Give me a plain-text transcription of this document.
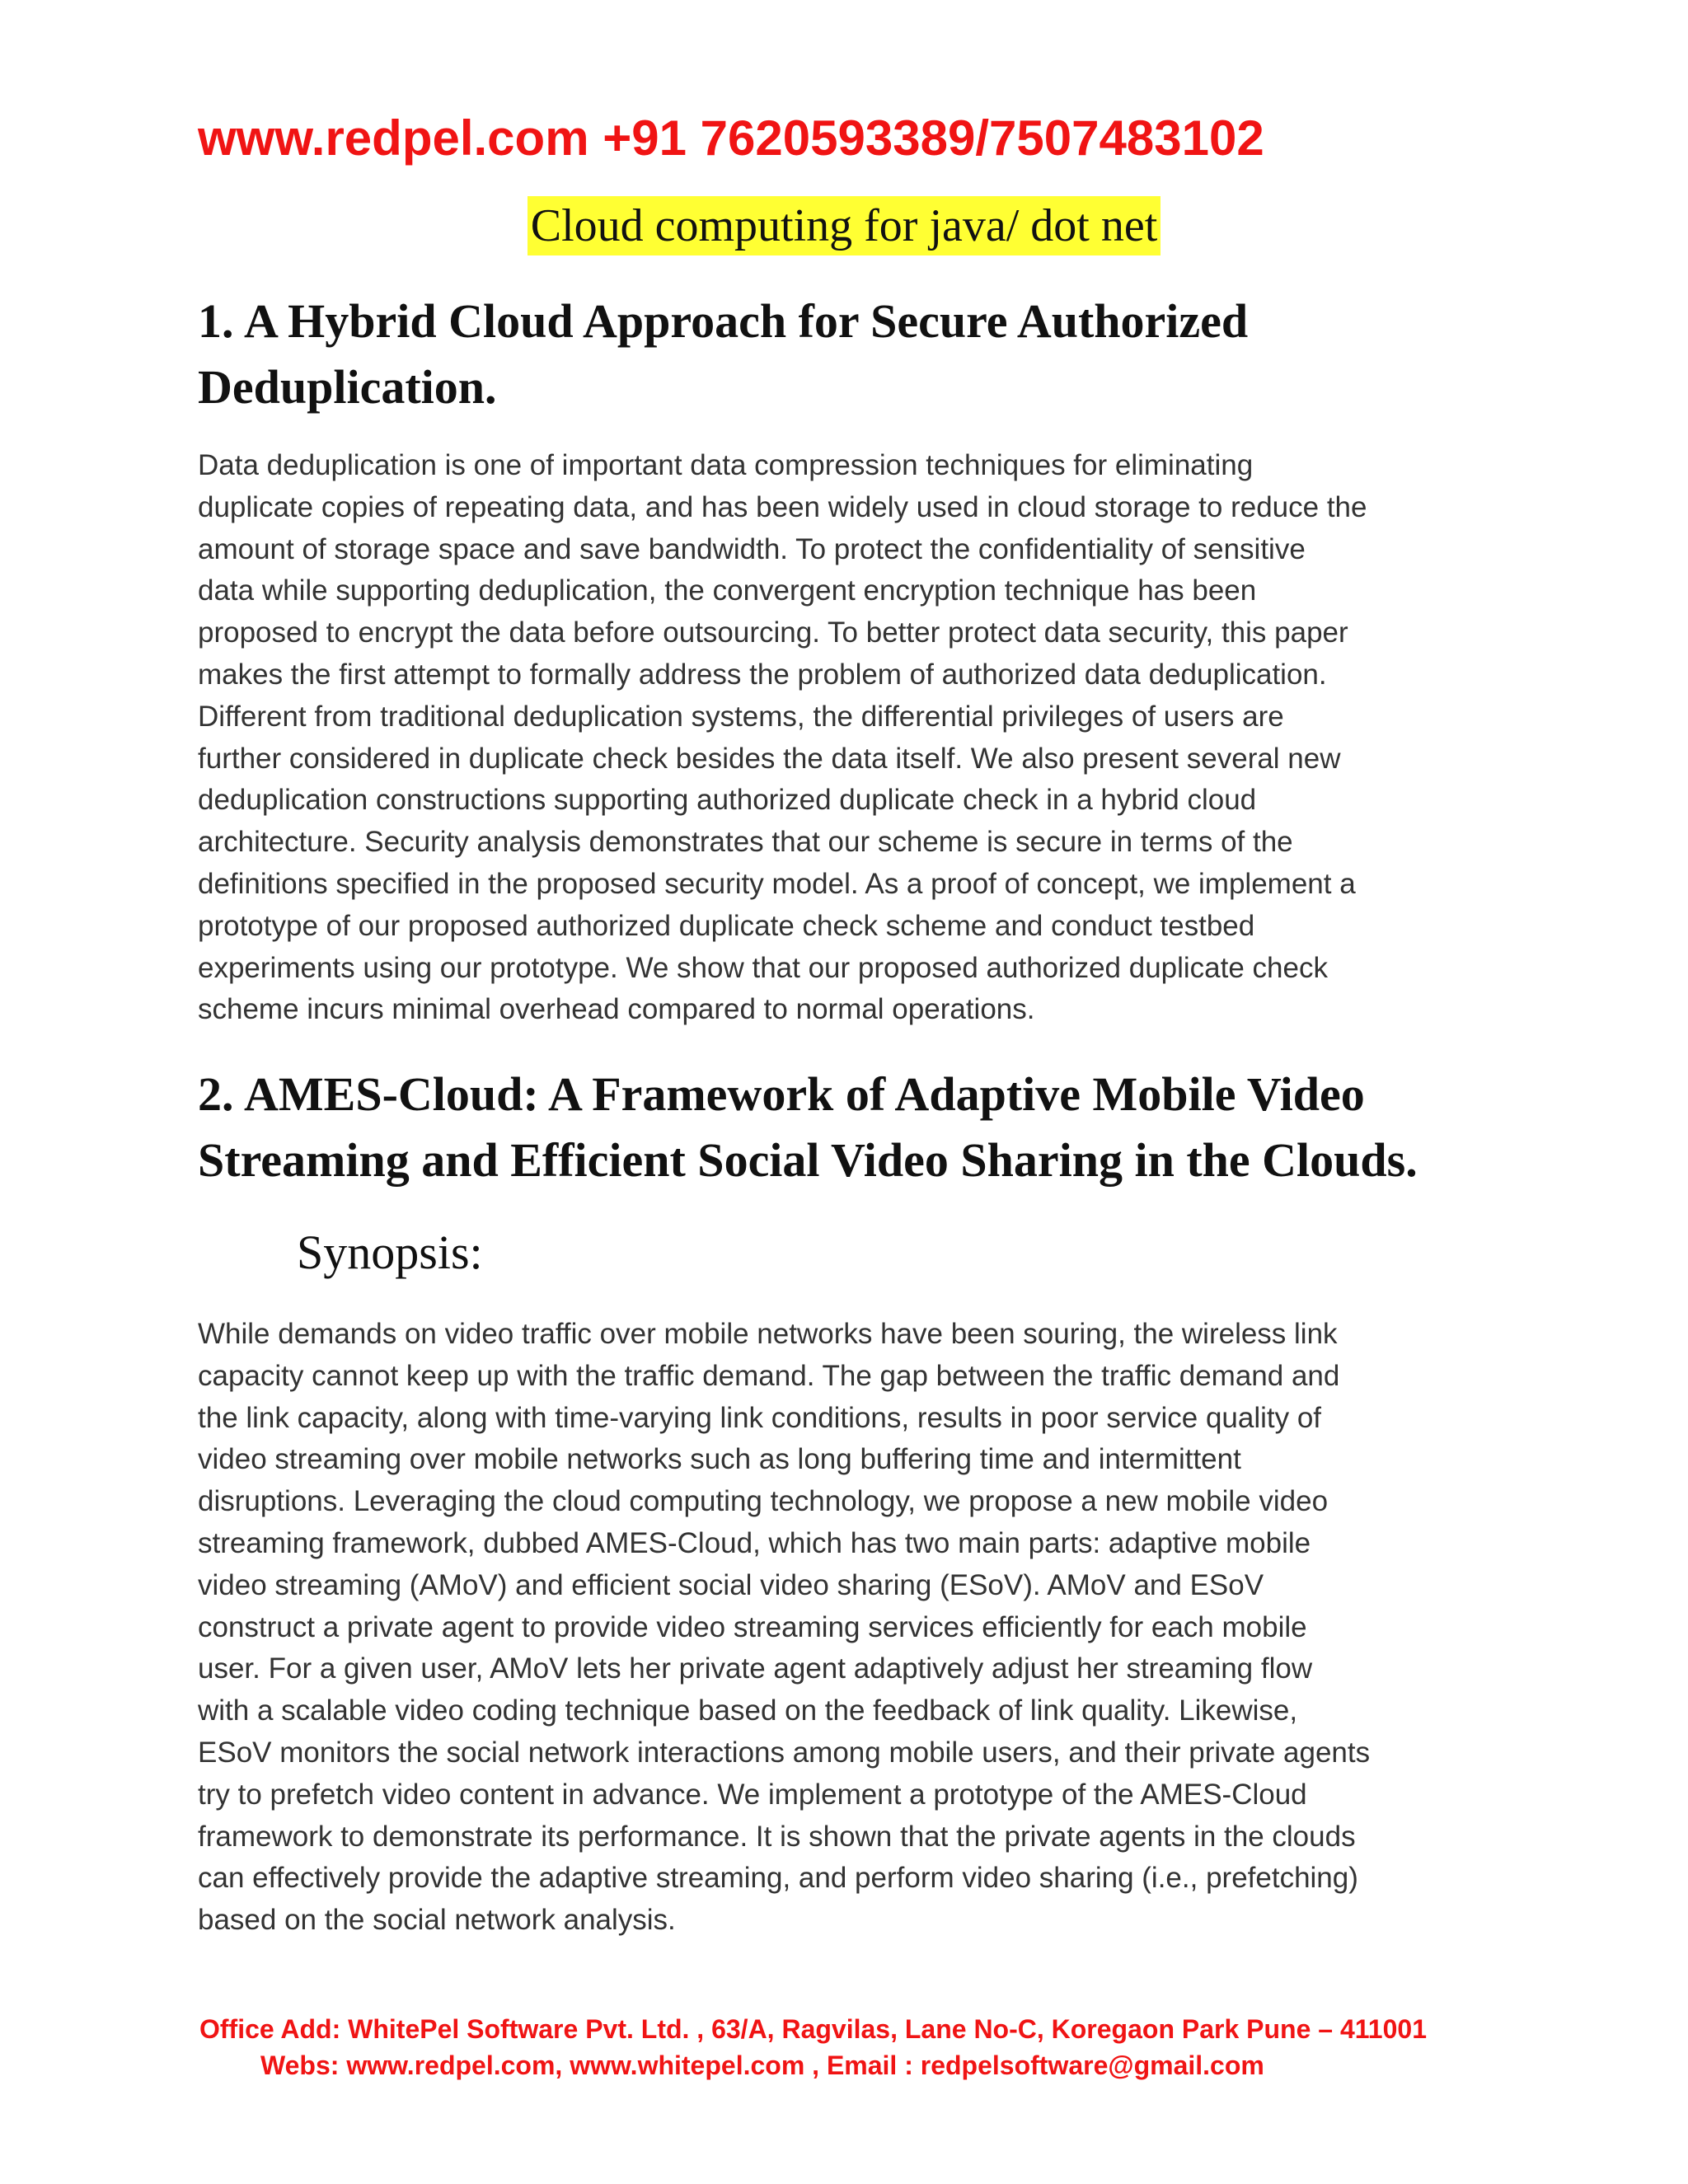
www.redpel.com +91 7620593389/7507483102
Cloud computing for java/ dot net
1. A Hybrid Cloud Approach for Secure Authorized
Deduplication.
Data deduplication is one of important data compression techniques for eliminating
duplicate copies of repeating data, and has been widely used in cloud storage to reduce the
amount of storage space and save bandwidth. To protect the confidentiality of sensitive
data while supporting deduplication, the convergent encryption technique has been
proposed to encrypt the data before outsourcing. To better protect data security, this paper
makes the first attempt to formally address the problem of authorized data deduplication.
Different from traditional deduplication systems, the differential privileges of users are
further considered in duplicate check besides the data itself. We also present several new
deduplication constructions supporting authorized duplicate check in a hybrid cloud
architecture. Security analysis demonstrates that our scheme is secure in terms of the
definitions specified in the proposed security model. As a proof of concept, we implement a
prototype of our proposed authorized duplicate check scheme and conduct testbed
experiments using our prototype. We show that our proposed authorized duplicate check
scheme incurs minimal overhead compared to normal operations.
2. AMES-Cloud: A Framework of Adaptive Mobile Video
Streaming and Efficient Social Video Sharing in the Clouds.
Synopsis:
While demands on video traffic over mobile networks have been souring, the wireless link
capacity cannot keep up with the traffic demand. The gap between the traffic demand and
the link capacity, along with time-varying link conditions, results in poor service quality of
video streaming over mobile networks such as long buffering time and intermittent
disruptions. Leveraging the cloud computing technology, we propose a new mobile video
streaming framework, dubbed AMES-Cloud, which has two main parts: adaptive mobile
video streaming (AMoV) and efficient social video sharing (ESoV). AMoV and ESoV
construct a private agent to provide video streaming services efficiently for each mobile
user. For a given user, AMoV lets her private agent adaptively adjust her streaming flow
with a scalable video coding technique based on the feedback of link quality. Likewise,
ESoV monitors the social network interactions among mobile users, and their private agents
try to prefetch video content in advance. We implement a prototype of the AMES-Cloud
framework to demonstrate its performance. It is shown that the private agents in the clouds
can effectively provide the adaptive streaming, and perform video sharing (i.e., prefetching)
based on the social network analysis.
Office Add: WhitePel Software Pvt. Ltd. , 63/A, Ragvilas, Lane No-C, Koregaon Park Pune – 411001
Webs: www.redpel.com, www.whitepel.com , Email : redpelsoftware@gmail.com
